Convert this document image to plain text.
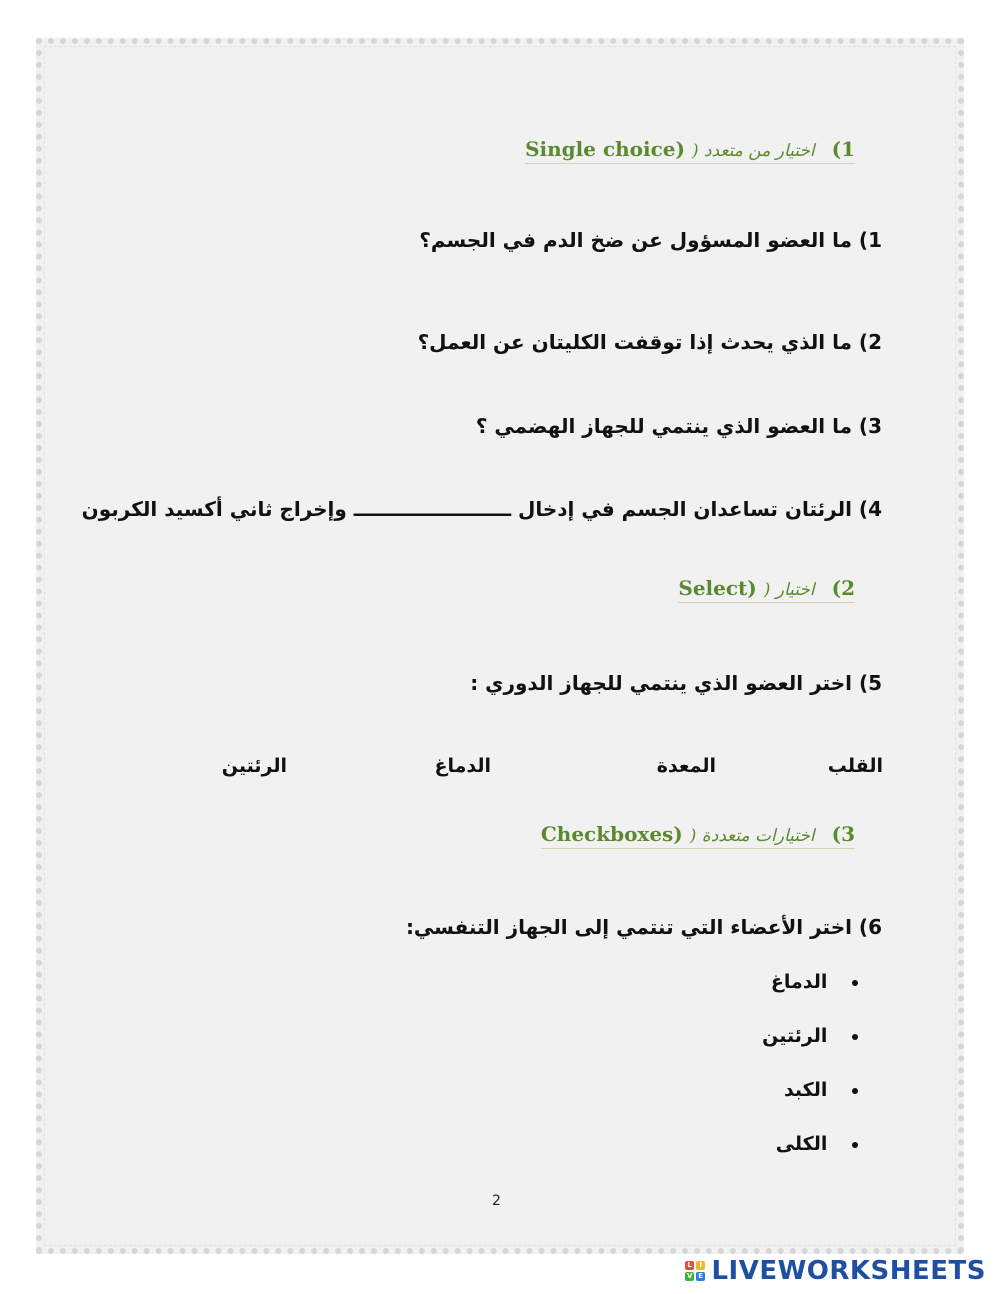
1) اختيار من متعدد ( Single choice)
1) ما العضو المسؤول عن ضخ الدم في الجسم؟
2) ما الذي يحدث إذا توقفت الكليتان عن العمل؟
3) ما العضو الذي ينتمي للجهاز الهضمي ؟
4) الرئتان تساعدان الجسم في إدخال ـــــــــــــــــــــــ وإخراج ثاني أكسيد الكربون
2) اختيار ( Select)
5) اختر العضو الذي ينتمي للجهاز الدوري :
القلب
المعدة
الدماغ
الرئتين
3) اختيارات متعددة ( Checkboxes)
6) اختر الأعضاء التي تنتمي إلى الجهاز التنفسي:
الدماغ
الرئتين
الكبد
الكلى
2
L I
V E LIVEWORKSHEETS
